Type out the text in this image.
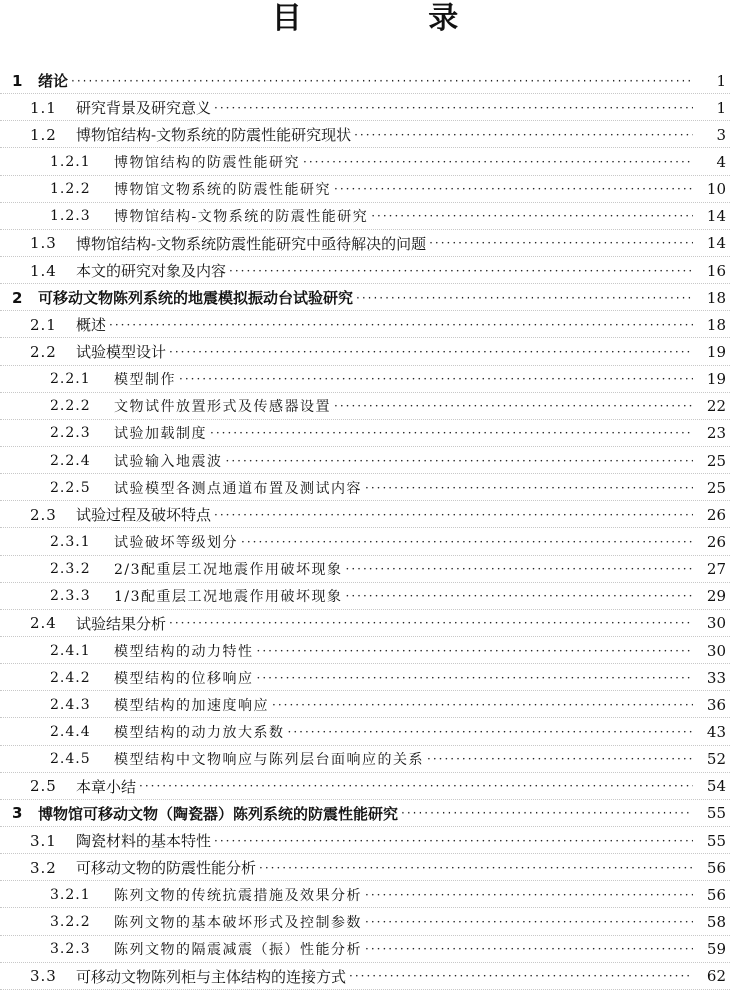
目 录
1	绪论 ·····	1
1.1	研究背景及研究意义 ·····	1
1.2	博物馆结构-文物系统的防震性能研究现状 ·····	3
1.2.1	博物馆结构的防震性能研究 ·····	4
1.2.2	博物馆文物系统的防震性能研究 ·····	10
1.2.3	博物馆结构-文物系统的防震性能研究 ·····	14
1.3	博物馆结构-文物系统防震性能研究中亟待解决的问题 ·····	14
1.4	本文的研究对象及内容 ·····	16
2	可移动文物陈列系统的地震模拟振动台试验研究 ·····	18
2.1	概述 ·····	18
2.2	试验模型设计 ·····	19
2.2.1	模型制作 ·····	19
2.2.2	文物试件放置形式及传感器设置 ·····	22
2.2.3	试验加载制度 ·····	23
2.2.4	试验输入地震波 ·····	25
2.2.5	试验模型各测点通道布置及测试内容 ·····	25
2.3	试验过程及破坏特点 ·····	26
2.3.1	试验破坏等级划分 ·····	26
2.3.2	2/3配重层工况地震作用破坏现象 ·····	27
2.3.3	1/3配重层工况地震作用破坏现象 ·····	29
2.4	试验结果分析 ·····	30
2.4.1	模型结构的动力特性 ·····	30
2.4.2	模型结构的位移响应 ·····	33
2.4.3	模型结构的加速度响应 ·····	36
2.4.4	模型结构的动力放大系数 ·····	43
2.4.5	模型结构中文物响应与陈列层台面响应的关系 ·····	52
2.5	本章小结 ·····	54
3	博物馆可移动文物（陶瓷器）陈列系统的防震性能研究 ·····	55
3.1	陶瓷材料的基本特性 ·····	55
3.2	可移动文物的防震性能分析 ·····	56
3.2.1	陈列文物的传统抗震措施及效果分析 ·····	56
3.2.2	陈列文物的基本破坏形式及控制参数 ·····	58
3.2.3	陈列文物的隔震减震（振）性能分析 ·····	59
3.3	可移动文物陈列柜与主体结构的连接方式 ·····	62
